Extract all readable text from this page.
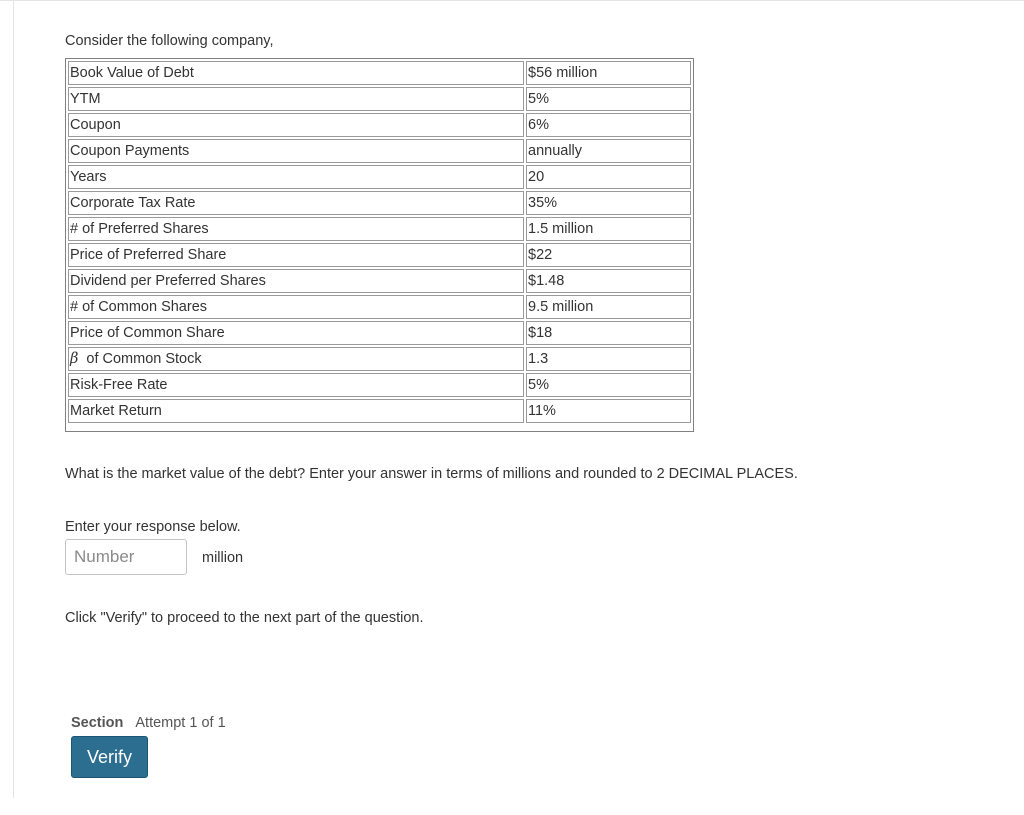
Consider the following company,
Book Value of Debt	$56 million
YTM	5%
Coupon	6%
Coupon Payments	annually
Years	20
Corporate Tax Rate	35%
# of Preferred Shares	1.5 million
Price of Preferred Share	$22
Dividend per Preferred Shares	$1.48
# of Common Shares	9.5 million
Price of Common Share	$18
β of Common Stock	1.3
Risk-Free Rate	5%
Market Return	11%
What is the market value of the debt? Enter your answer in terms of millions and rounded to 2 DECIMAL PLACES.
Enter your response below.
Number
million
Click "Verify" to proceed to the next part of the question.
Section Attempt 1 of 1
Verify
